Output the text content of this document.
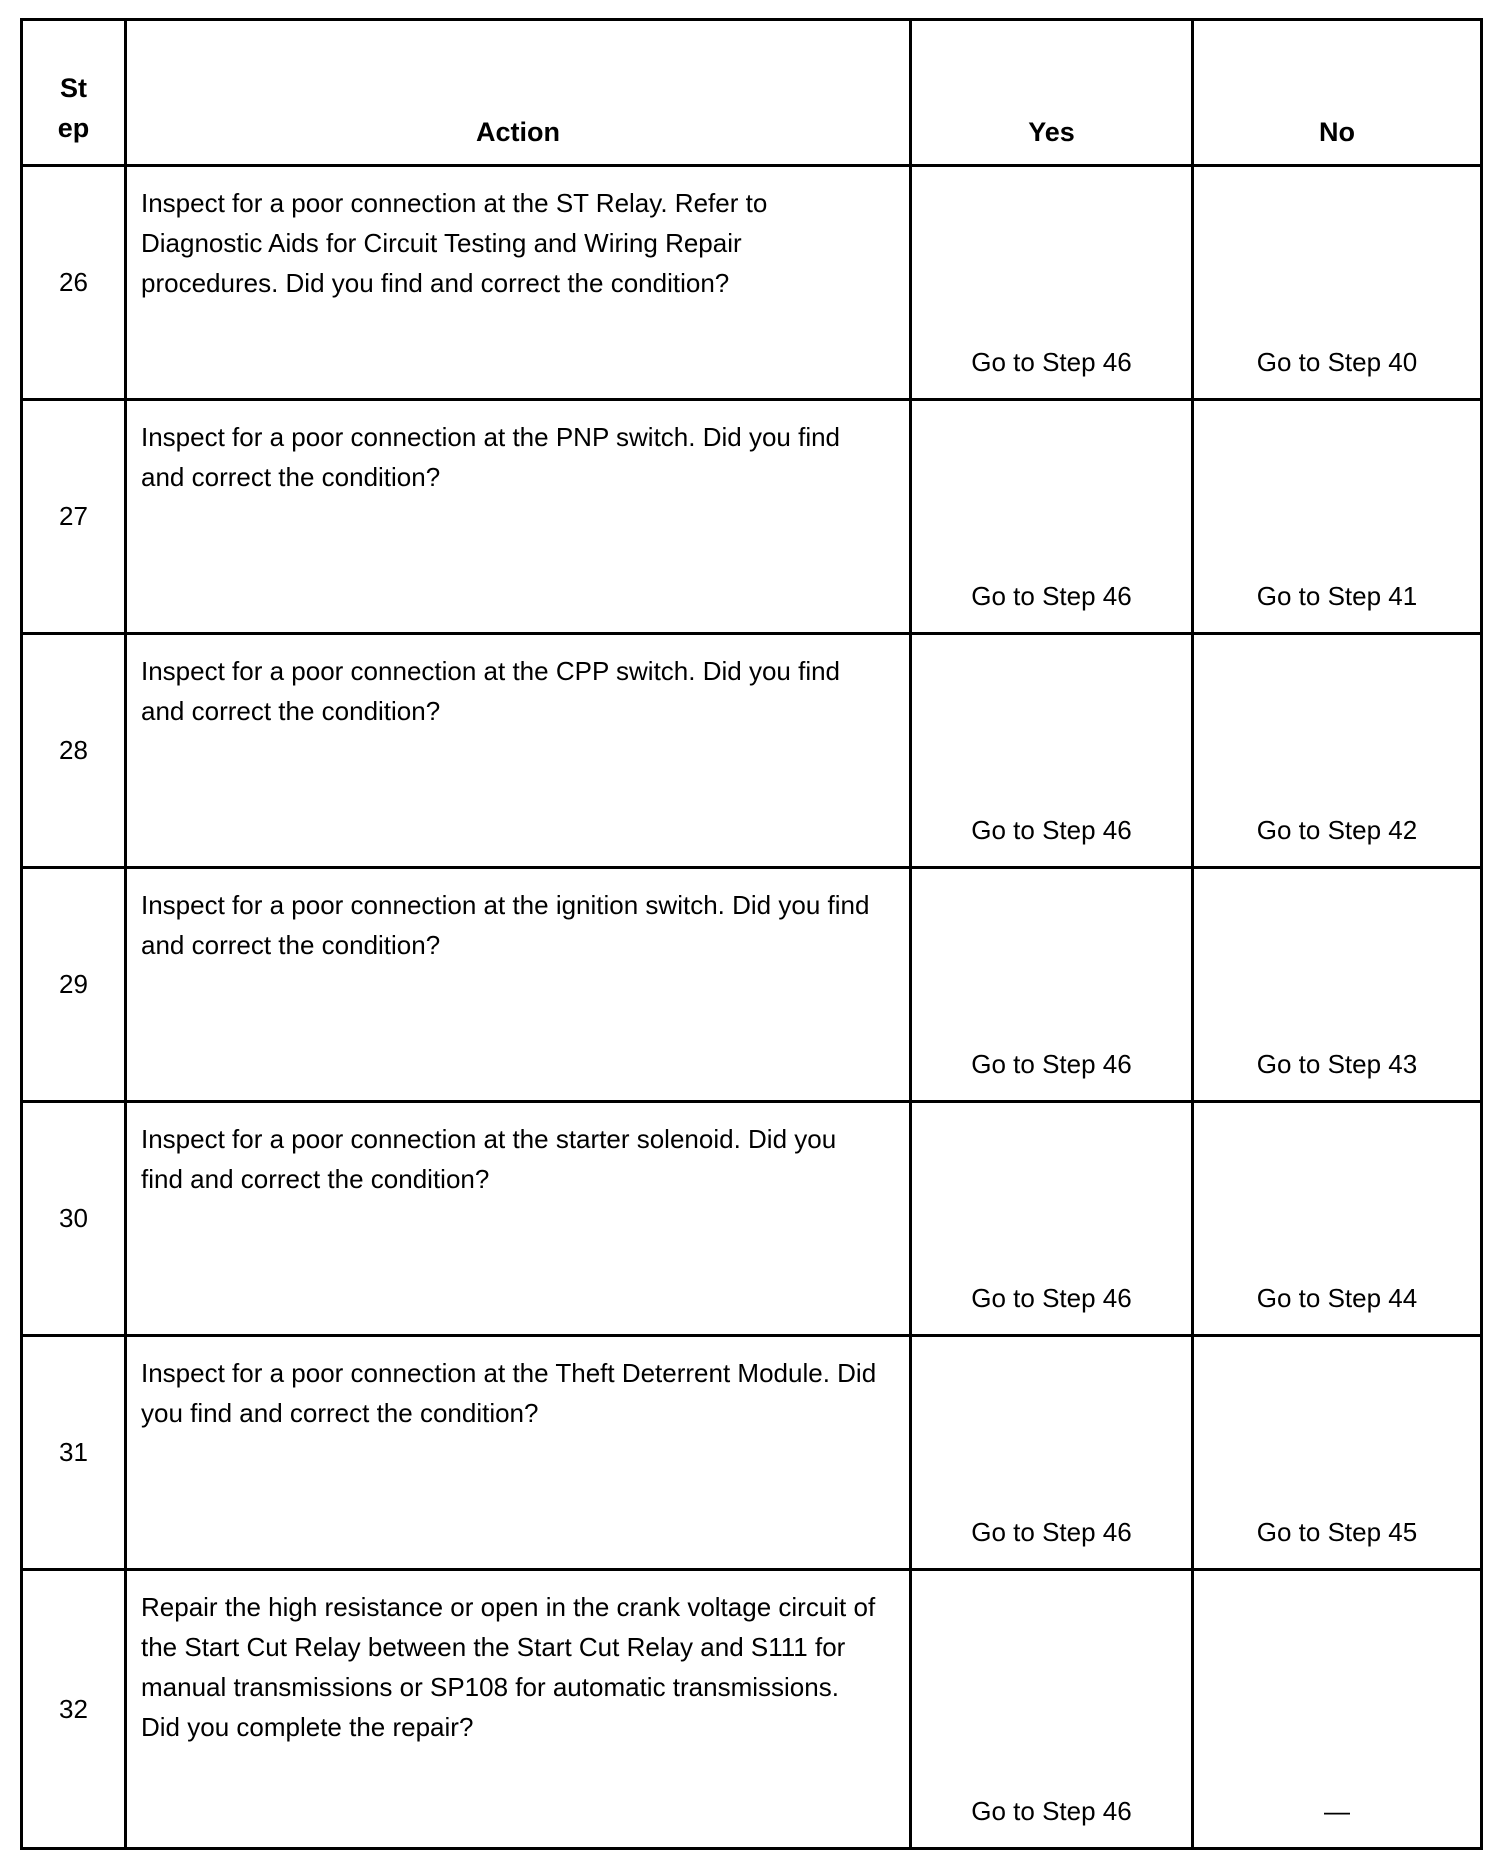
St
ep	Action	Yes	No
26	Inspect for a poor connection at the ST Relay. Refer to Diagnostic Aids for Circuit Testing and Wiring Repair procedures. Did you find and correct the condition?	Go to Step 46	Go to Step 40
27	Inspect for a poor connection at the PNP switch. Did you find and correct the condition?	Go to Step 46	Go to Step 41
28	Inspect for a poor connection at the CPP switch. Did you find and correct the condition?	Go to Step 46	Go to Step 42
29	Inspect for a poor connection at the ignition switch. Did you find and correct the condition?	Go to Step 46	Go to Step 43
30	Inspect for a poor connection at the starter solenoid. Did you find and correct the condition?	Go to Step 46	Go to Step 44
31	Inspect for a poor connection at the Theft Deterrent Module. Did you find and correct the condition?	Go to Step 46	Go to Step 45
32	Repair the high resistance or open in the crank voltage circuit of the Start Cut Relay between the Start Cut Relay and S111 for manual transmissions or SP108 for automatic transmissions. Did you complete the repair?	Go to Step 46	—
